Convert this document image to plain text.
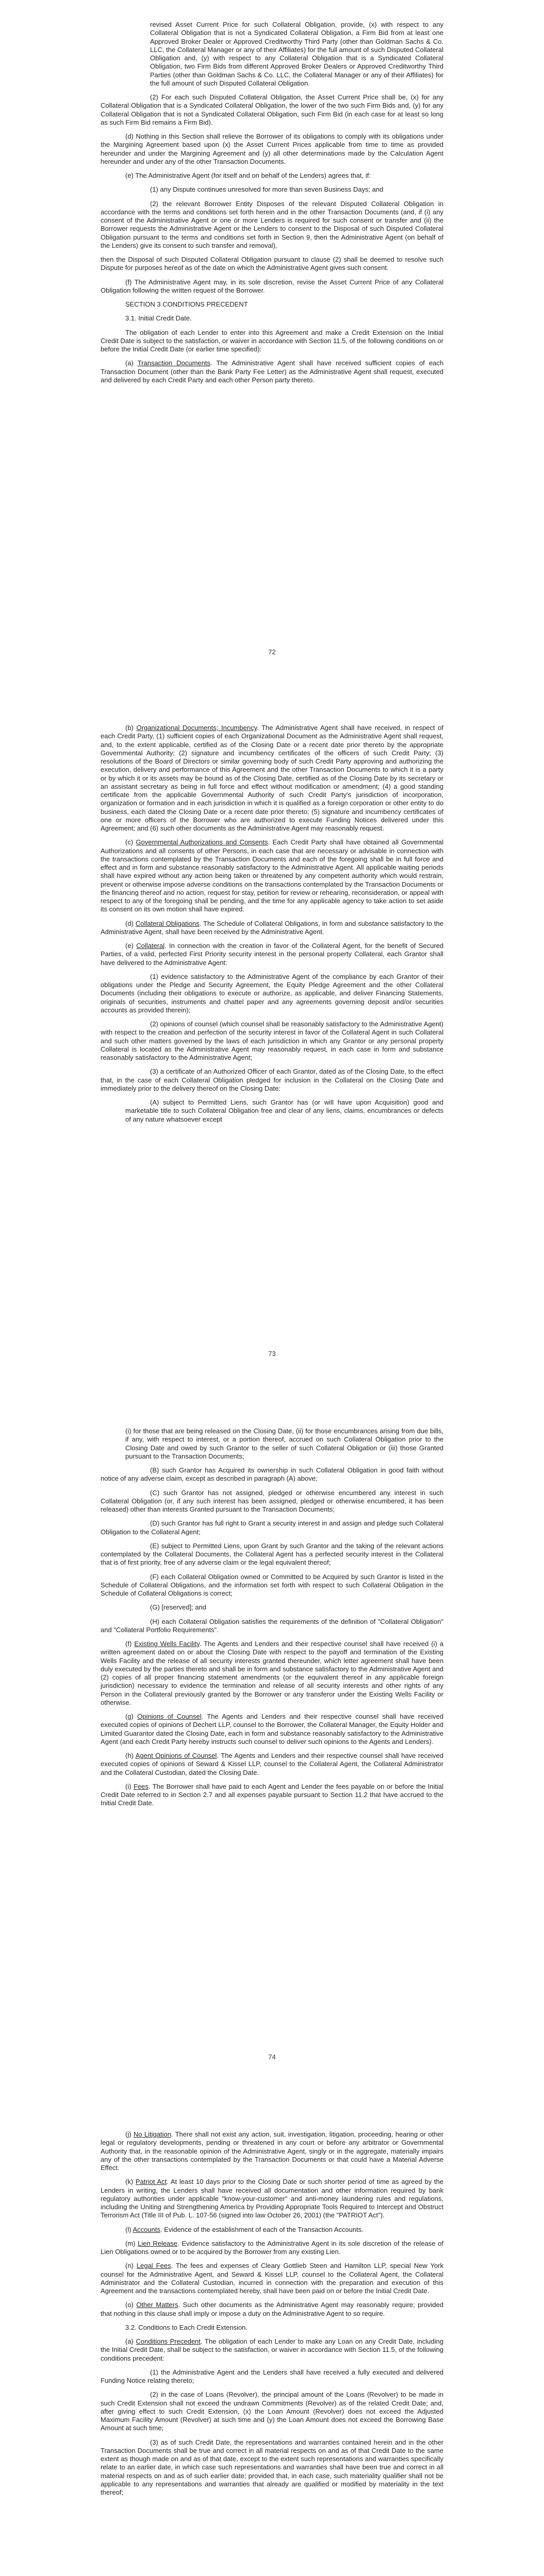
revised Asset Current Price for such Collateral Obligation, provide, (x) with respect to any Collateral Obligation that is not a Syndicated Collateral Obligation, a Firm Bid from at least one Approved Broker Dealer or Approved Creditworthy Third Party (other than Goldman Sachs & Co. LLC, the Collateral Manager or any of their Affiliates) for the full amount of such Disputed Collateral Obligation and, (y) with respect to any Collateral Obligation that is a Syndicated Collateral Obligation, two Firm Bids from different Approved Broker Dealers or Approved Creditworthy Third Parties (other than Goldman Sachs & Co. LLC, the Collateral Manager or any of their Affiliates) for the full amount of such Disputed Collateral Obligation.

(2) For each such Disputed Collateral Obligation, the Asset Current Price shall be, (x) for any Collateral Obligation that is a Syndicated Collateral Obligation, the lower of the two such Firm Bids and, (y) for any Collateral Obligation that is not a Syndicated Collateral Obligation, such Firm Bid (in each case for at least so long as such Firm Bid remains a Firm Bid).

(d) Nothing in this Section shall relieve the Borrower of its obligations to comply with its obligations under the Margining Agreement based upon (x) the Asset Current Prices applicable from time to time as provided hereunder and under the Margining Agreement and (y) all other determinations made by the Calculation Agent hereunder and under any of the other Transaction Documents.

(e) The Administrative Agent (for itself and on behalf of the Lenders) agrees that, if:

(1) any Dispute continues unresolved for more than seven Business Days; and

(2) the relevant Borrower Entity Disposes of the relevant Disputed Collateral Obligation in accordance with the terms and conditions set forth herein and in the other Transaction Documents (and, if (i) any consent of the Administrative Agent or one or more Lenders is required for such consent or transfer and (ii) the Borrower requests the Administrative Agent or the Lenders to consent to the Disposal of such Disputed Collateral Obligation pursuant to the terms and conditions set forth in Section 9, then the Administrative Agent (on behalf of the Lenders) give its consent to such transfer and removal),

then the Disposal of such Disputed Collateral Obligation pursuant to clause (2) shall be deemed to resolve such Dispute for purposes hereof as of the date on which the Administrative Agent gives such consent.

(f) The Administrative Agent may, in its sole discretion, revise the Asset Current Price of any Collateral Obligation following the written request of the Borrower.

SECTION 3 CONDITIONS PRECEDENT

3.1. Initial Credit Date.

The obligation of each Lender to enter into this Agreement and make a Credit Extension on the Initial Credit Date is subject to the satisfaction, or waiver in accordance with Section 11.5, of the following conditions on or before the Initial Credit Date (or earlier time specified):

(a) Transaction Documents. The Administrative Agent shall have received sufficient copies of each Transaction Document (other than the Bank Party Fee Letter) as the Administrative Agent shall request, executed and delivered by each Credit Party and each other Person party thereto.

72

(b) Organizational Documents; Incumbency. The Administrative Agent shall have received, in respect of each Credit Party, (1) sufficient copies of each Organizational Document as the Administrative Agent shall request, and, to the extent applicable, certified as of the Closing Date or a recent date prior thereto by the appropriate Governmental Authority; (2) signature and incumbency certificates of the officers of such Credit Party; (3) resolutions of the Board of Directors or similar governing body of such Credit Party approving and authorizing the execution, delivery and performance of this Agreement and the other Transaction Documents to which it is a party or by which it or its assets may be bound as of the Closing Date, certified as of the Closing Date by its secretary or an assistant secretary as being in full force and effect without modification or amendment; (4) a good standing certificate from the applicable Governmental Authority of such Credit Party's jurisdiction of incorporation, organization or formation and in each jurisdiction in which it is qualified as a foreign corporation or other entity to do business, each dated the Closing Date or a recent date prior thereto; (5) signature and incumbency certificates of one or more officers of the Borrower who are authorized to execute Funding Notices delivered under this Agreement; and (6) such other documents as the Administrative Agent may reasonably request.

(c) Governmental Authorizations and Consents. Each Credit Party shall have obtained all Governmental Authorizations and all consents of other Persons, in each case that are necessary or advisable in connection with the transactions contemplated by the Transaction Documents and each of the foregoing shall be in full force and effect and in form and substance reasonably satisfactory to the Administrative Agent. All applicable waiting periods shall have expired without any action being taken or threatened by any competent authority which would restrain, prevent or otherwise impose adverse conditions on the transactions contemplated by the Transaction Documents or the financing thereof and no action, request for stay, petition for review or rehearing, reconsideration, or appeal with respect to any of the foregoing shall be pending, and the time for any applicable agency to take action to set aside its consent on its own motion shall have expired.

(d) Collateral Obligations. The Schedule of Collateral Obligations, in form and substance satisfactory to the Administrative Agent, shall have been received by the Administrative Agent.

(e) Collateral. In connection with the creation in favor of the Collateral Agent, for the benefit of Secured Parties, of a valid, perfected First Priority security interest in the personal property Collateral, each Grantor shall have delivered to the Administrative Agent:

(1) evidence satisfactory to the Administrative Agent of the compliance by each Grantor of their obligations under the Pledge and Security Agreement, the Equity Pledge Agreement and the other Collateral Documents (including their obligations to execute or authorize, as applicable, and deliver Financing Statements, originals of securities, instruments and chattel paper and any agreements governing deposit and/or securities accounts as provided therein);

(2) opinions of counsel (which counsel shall be reasonably satisfactory to the Administrative Agent) with respect to the creation and perfection of the security interest in favor of the Collateral Agent in such Collateral and such other matters governed by the laws of each jurisdiction in which any Grantor or any personal property Collateral is located as the Administrative Agent may reasonably request, in each case in form and substance reasonably satisfactory to the Administrative Agent;

(3) a certificate of an Authorized Officer of each Grantor, dated as of the Closing Date, to the effect that, in the case of each Collateral Obligation pledged for inclusion in the Collateral on the Closing Date and immediately prior to the delivery thereof on the Closing Date:

(A) subject to Permitted Liens, such Grantor has (or will have upon Acquisition) good and marketable title to such Collateral Obligation free and clear of any liens, claims, encumbrances or defects of any nature whatsoever except

73

(i) for those that are being released on the Closing Date, (ii) for those encumbrances arising from due bills, if any, with respect to interest, or a portion thereof, accrued on such Collateral Obligation prior to the Closing Date and owed by such Grantor to the seller of such Collateral Obligation or (iii) those Granted pursuant to the Transaction Documents;

(B) such Grantor has Acquired its ownership in such Collateral Obligation in good faith without notice of any adverse claim, except as described in paragraph (A) above;

(C) such Grantor has not assigned, pledged or otherwise encumbered any interest in such Collateral Obligation (or, if any such interest has been assigned, pledged or otherwise encumbered, it has been released) other than interests Granted pursuant to the Transaction Documents;

(D) such Grantor has full right to Grant a security interest in and assign and pledge such Collateral Obligation to the Collateral Agent;

(E) subject to Permitted Liens, upon Grant by such Grantor and the taking of the relevant actions contemplated by the Collateral Documents, the Collateral Agent has a perfected security interest in the Collateral that is of first priority, free of any adverse claim or the legal equivalent thereof;

(F) each Collateral Obligation owned or Committed to be Acquired by such Grantor is listed in the Schedule of Collateral Obligations, and the information set forth with respect to such Collateral Obligation in the Schedule of Collateral Obligations is correct;

(G) [reserved]; and

(H) each Collateral Obligation satisfies the requirements of the definition of "Collateral Obligation" and "Collateral Portfolio Requirements".

(f) Existing Wells Facility. The Agents and Lenders and their respective counsel shall have received (i) a written agreement dated on or about the Closing Date with respect to the payoff and termination of the Existing Wells Facility and the release of all security interests granted thereunder, which letter agreement shall have been duly executed by the parties thereto and shall be in form and substance satisfactory to the Administrative Agent and (2) copies of all proper financing statement amendments (or the equivalent thereof in any applicable foreign jurisdiction) necessary to evidence the termination and release of all security interests and other rights of any Person in the Collateral previously granted by the Borrower or any transferor under the Existing Wells Facility or otherwise.

(g) Opinions of Counsel. The Agents and Lenders and their respective counsel shall have received executed copies of opinions of Dechert LLP, counsel to the Borrower, the Collateral Manager, the Equity Holder and Limited Guarantor dated the Closing Date, each in form and substance reasonably satisfactory to the Administrative Agent (and each Credit Party hereby instructs such counsel to deliver such opinions to the Agents and Lenders).

(h) Agent Opinions of Counsel. The Agents and Lenders and their respective counsel shall have received executed copies of opinions of Seward & Kissel LLP, counsel to the Collateral Agent, the Collateral Administrator and the Collateral Custodian, dated the Closing Date.

(i) Fees. The Borrower shall have paid to each Agent and Lender the fees payable on or before the Initial Credit Date referred to in Section 2.7 and all expenses payable pursuant to Section 11.2 that have accrued to the Initial Credit Date.

74

(j) No Litigation. There shall not exist any action, suit, investigation, litigation, proceeding, hearing or other legal or regulatory developments, pending or threatened in any court or before any arbitrator or Governmental Authority that, in the reasonable opinion of the Administrative Agent, singly or in the aggregate, materially impairs any of the other transactions contemplated by the Transaction Documents or that could have a Material Adverse Effect.

(k) Patriot Act. At least 10 days prior to the Closing Date or such shorter period of time as agreed by the Lenders in writing, the Lenders shall have received all documentation and other information required by bank regulatory authorities under applicable "know-your-customer" and anti-money laundering rules and regulations, including the Uniting and Strengthening America by Providing Appropriate Tools Required to Intercept and Obstruct Terrorism Act (Title III of Pub. L. 107-56 (signed into law October 26, 2001) (the "PATRIOT Act").

(l) Accounts. Evidence of the establishment of each of the Transaction Accounts.

(m) Lien Release. Evidence satisfactory to the Administrative Agent in its sole discretion of the release of Lien Obligations owned or to be acquired by the Borrower from any existing Lien.

(n) Legal Fees. The fees and expenses of Cleary Gottlieb Steen and Hamilton LLP, special New York counsel for the Administrative Agent, and Seward & Kissel LLP, counsel to the Collateral Agent, the Collateral Administrator and the Collateral Custodian, incurred in connection with the preparation and execution of this Agreement and the transactions contemplated hereby, shall have been paid on or before the Initial Credit Date.

(o) Other Matters. Such other documents as the Administrative Agent may reasonably require; provided that nothing in this clause shall imply or impose a duty on the Administrative Agent to so require.

3.2. Conditions to Each Credit Extension.

(a) Conditions Precedent. The obligation of each Lender to make any Loan on any Credit Date, including the Initial Credit Date, shall be subject to the satisfaction, or waiver in accordance with Section 11.5, of the following conditions precedent:

(1) the Administrative Agent and the Lenders shall have received a fully executed and delivered Funding Notice relating thereto;

(2) in the case of Loans (Revolver), the principal amount of the Loans (Revolver) to be made in such Credit Extension shall not exceed the undrawn Commitments (Revolver) as of the related Credit Date; and, after giving effect to such Credit Extension, (x) the Loan Amount (Revolver) does not exceed the Adjusted Maximum Facility Amount (Revolver) at such time and (y) the Loan Amount does not exceed the Borrowing Base Amount at such time;

(3) as of such Credit Date, the representations and warranties contained herein and in the other Transaction Documents shall be true and correct in all material respects on and as of that Credit Date to the same extent as though made on and as of that date, except to the extent such representations and warranties specifically relate to an earlier date, in which case such representations and warranties shall have been true and correct in all material respects on and as of such earlier date; provided that, in each case, such materiality qualifier shall not be applicable to any representations and warranties that already are qualified or modified by materiality in the text thereof;
